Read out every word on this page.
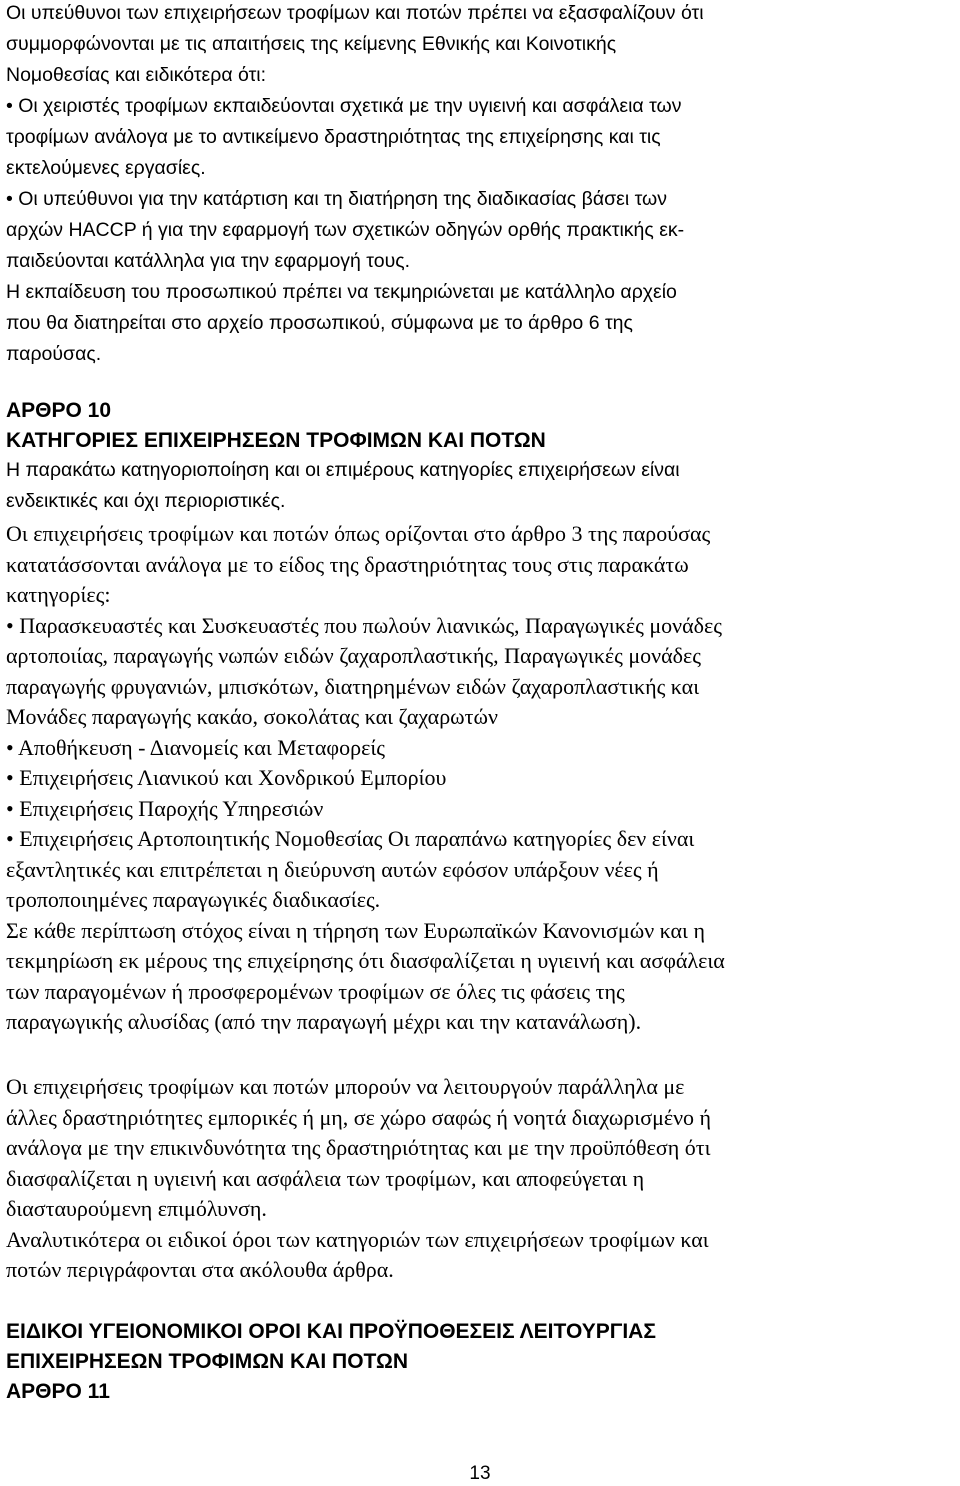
Οι υπεύθυνοι των επιχειρήσεων τροφίμων και ποτών πρέπει να εξασφαλίζουν ότι
συμμορφώνονται με τις απαιτήσεις της κείμενης Εθνικής και Κοινοτικής
Νομοθεσίας και ειδικότερα ότι:
• Οι χειριστές τροφίμων εκπαιδεύονται σχετικά με την υγιεινή και ασφάλεια των
τροφίμων ανάλογα με το αντικείμενο δραστηριότητας της επιχείρησης και τις
εκτελούμενες εργασίες.
• Οι υπεύθυνοι για την κατάρτιση και τη διατήρηση της διαδικασίας βάσει των
αρχών HACCP ή για την εφαρμογή των σχετικών οδηγών ορθής πρακτικής εκ-
παιδεύονται κατάλληλα για την εφαρμογή τους.
Η εκπαίδευση του προσωπικού πρέπει να τεκμηριώνεται με κατάλληλο αρχείο
που θα διατηρείται στο αρχείο προσωπικού, σύμφωνα με το άρθρο 6 της
παρούσας.
ΑΡΘΡΟ 10
ΚΑΤΗΓΟΡΙΕΣ ΕΠΙΧΕΙΡΗΣΕΩΝ ΤΡΟΦΙΜΩΝ ΚΑΙ ΠΟΤΩΝ
Η παρακάτω κατηγοριοποίηση και οι επιμέρους κατηγορίες επιχειρήσεων είναι
ενδεικτικές και όχι περιοριστικές.
Οι επιχειρήσεις τροφίμων και ποτών όπως ορίζονται στο άρθρο 3 της παρούσας
κατατάσσονται ανάλογα με το είδος της δραστηριότητας τους στις παρακάτω
κατηγορίες:
• Παρασκευαστές και Συσκευαστές που πωλούν λιανικώς, Παραγωγικές μονάδες
αρτοποιίας, παραγωγής νωπών ειδών ζαχαροπλαστικής, Παραγωγικές μονάδες
παραγωγής φρυγανιών, μπισκότων, διατηρημένων ειδών ζαχαροπλαστικής και
Μονάδες παραγωγής κακάο, σοκολάτας και ζαχαρωτών
• Αποθήκευση - Διανομείς και Μεταφορείς
• Επιχειρήσεις Λιανικού και Χονδρικού Εμπορίου
• Επιχειρήσεις Παροχής Υπηρεσιών
• Επιχειρήσεις Αρτοποιητικής Νομοθεσίας Οι παραπάνω κατηγορίες δεν είναι
εξαντλητικές και επιτρέπεται η διεύρυνση αυτών εφόσον υπάρξουν νέες ή
τροποποιημένες παραγωγικές διαδικασίες.
Σε κάθε περίπτωση στόχος είναι η τήρηση των Ευρωπαϊκών Κανονισμών και η
τεκμηρίωση εκ μέρους της επιχείρησης ότι διασφαλίζεται η υγιεινή και ασφάλεια
των παραγομένων ή προσφερομένων τροφίμων σε όλες τις φάσεις της
παραγωγικής αλυσίδας (από την παραγωγή μέχρι και την κατανάλωση).
Οι επιχειρήσεις τροφίμων και ποτών μπορούν να λειτουργούν παράλληλα με
άλλες δραστηριότητες εμπορικές ή μη, σε χώρο σαφώς ή νοητά διαχωρισμένο ή
ανάλογα με την επικινδυνότητα της δραστηριότητας και με την προϋπόθεση ότι
διασφαλίζεται η υγιεινή και ασφάλεια των τροφίμων, και αποφεύγεται η
διασταυρούμενη επιμόλυνση.
Αναλυτικότερα οι ειδικοί όροι των κατηγοριών των επιχειρήσεων τροφίμων και
ποτών περιγράφονται στα ακόλουθα άρθρα.
ΕΙΔΙΚΟΙ ΥΓΕΙΟΝΟΜΙΚΟΙ ΟΡΟΙ ΚΑΙ ΠΡΟΫΠΟΘΕΣΕΙΣ ΛΕΙΤΟΥΡΓΙΑΣ
ΕΠΙΧΕΙΡΗΣΕΩΝ ΤΡΟΦΙΜΩΝ ΚΑΙ ΠΟΤΩΝ
ΑΡΘΡΟ 11
13
